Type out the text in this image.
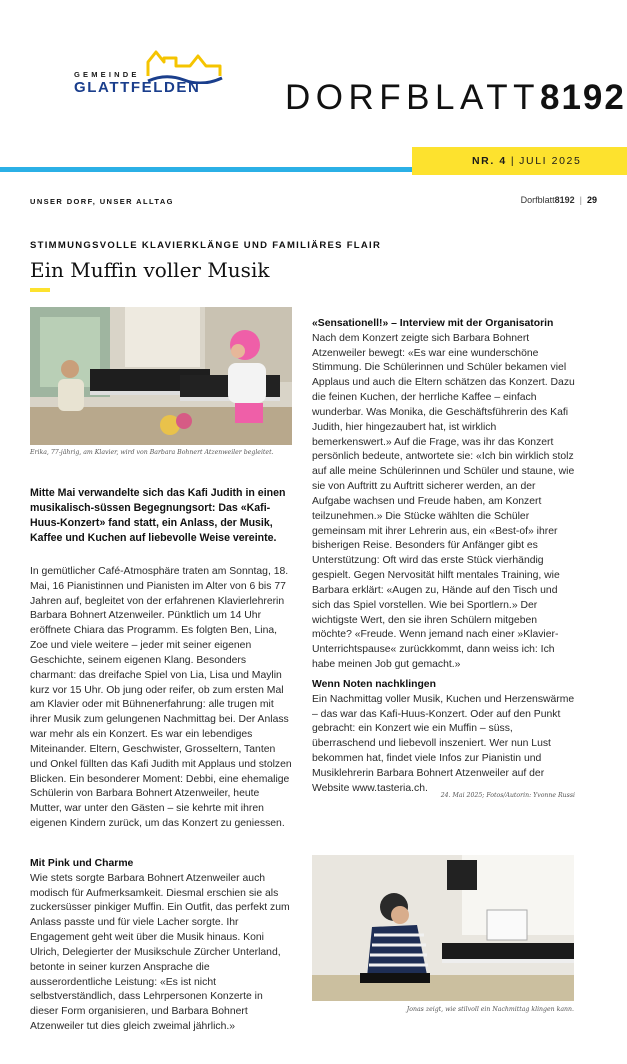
GEMEINDE
GLATTFELDEN DORFBLATT8192
NR. 4 | JULI 2025
UNSER DORF, UNSER ALLTAG	Dorfblatt8192 | 29
STIMMUNGSVOLLE KLAVIERKLÄNGE UND FAMILIÄRES FLAIR
Ein Muffin voller Musik
Erika, 77-jährig, am Klavier, wird von Barbara Bohnert Atzenweiler begleitet.
Mitte Mai verwandelte sich das Kafi Judith in einen musikalisch-süssen Begegnungsort: Das «Kafi-Huus-Konzert» fand statt, ein Anlass, der Musik, Kaffee und Kuchen auf liebevolle Weise vereinte.
In gemütlicher Café-Atmosphäre traten am Sonntag, 18. Mai, 16 Pianistinnen und Pianisten im Alter von 6 bis 77 Jahren auf, begleitet von der erfahrenen Klavierlehrerin Barbara Bohnert Atzenweiler. Pünktlich um 14 Uhr eröffnete Chiara das Programm. Es folgten Ben, Lina, Zoe und viele weitere – jeder mit seiner eigenen Geschichte, seinem eigenen Klang. Besonders charmant: das dreifache Spiel von Lia, Lisa und Maylin kurz vor 15 Uhr. Ob jung oder reifer, ob zum ersten Mal am Klavier oder mit Bühnenerfahrung: alle trugen mit ihrer Musik zum gelungenen Nachmittag bei. Der Anlass war mehr als ein Konzert. Es war ein lebendiges Miteinander. Eltern, Geschwister, Grosseltern, Tanten und Onkel füllten das Kafi Judith mit Applaus und stolzen Blicken. Ein besonderer Moment: Debbi, eine ehemalige Schülerin von Barbara Bohnert Atzenweiler, heute Mutter, war unter den Gästen – sie kehrte mit ihren eigenen Kindern zurück, um das Konzert zu geniessen.
Mit Pink und Charme
Wie stets sorgte Barbara Bohnert Atzenweiler auch modisch für Aufmerksamkeit. Diesmal erschien sie als zuckersüsser pinkiger Muffin. Ein Outfit, das perfekt zum Anlass passte und für viele Lacher sorgte. Ihr Engagement geht weit über die Musik hinaus. Koni Ulrich, Delegierter der Musikschule Zürcher Unterland, betonte in seiner kurzen Ansprache die ausserordentliche Leistung: «Es ist nicht selbstverständlich, dass Lehrpersonen Konzerte in dieser Form organisieren, und Barbara Bohnert Atzenweiler tut dies gleich zweimal jährlich.»
«Sensationell!» – Interview mit der Organisatorin
Nach dem Konzert zeigte sich Barbara Bohnert Atzenweiler bewegt: «Es war eine wunderschöne Stimmung. Die Schülerinnen und Schüler bekamen viel Applaus und auch die Eltern schätzen das Konzert. Dazu die feinen Kuchen, der herrliche Kaffee – einfach wunderbar. Was Monika, die Geschäftsführerin des Kafi Judith, hier hingezaubert hat, ist wirklich bemerkenswert.» Auf die Frage, was ihr das Konzert persönlich bedeute, antwortete sie: «Ich bin wirklich stolz auf alle meine Schülerinnen und Schüler und staune, wie sie von Auftritt zu Auftritt sicherer werden, an der Aufgabe wachsen und Freude haben, am Konzert teilzunehmen.» Die Stücke wählten die Schüler gemeinsam mit ihrer Lehrerin aus, ein «Best-of» ihrer bisherigen Reise. Besonders für Anfänger gibt es Unterstützung: Oft wird das erste Stück vierhändig gespielt. Gegen Nervosität hilft mentales Training, wie Barbara erklärt: «Augen zu, Hände auf den Tisch und sich das Spiel vorstellen. Wie bei Sportlern.» Der wichtigste Wert, den sie ihren Schülern mitgeben möchte? «Freude. Wenn jemand nach einer »Klavier-Unterrichtspause« zurückkommt, dann weiss ich: Ich habe meinen Job gut gemacht.»
Wenn Noten nachklingen
Ein Nachmittag voller Musik, Kuchen und Herzenswärme – das war das Kafi-Huus-Konzert. Oder auf den Punkt gebracht: ein Konzert wie ein Muffin – süss, überraschend und liebevoll inszeniert. Wer nun Lust bekommen hat, findet viele Infos zur Pianistin und Musiklehrerin Barbara Bohnert Atzenweiler auf der Website www.tasteria.ch.
24. Mai 2025; Fotos/Autorin: Yvonne Russi
Jonas zeigt, wie stilvoll ein Nachmittag klingen kann.
